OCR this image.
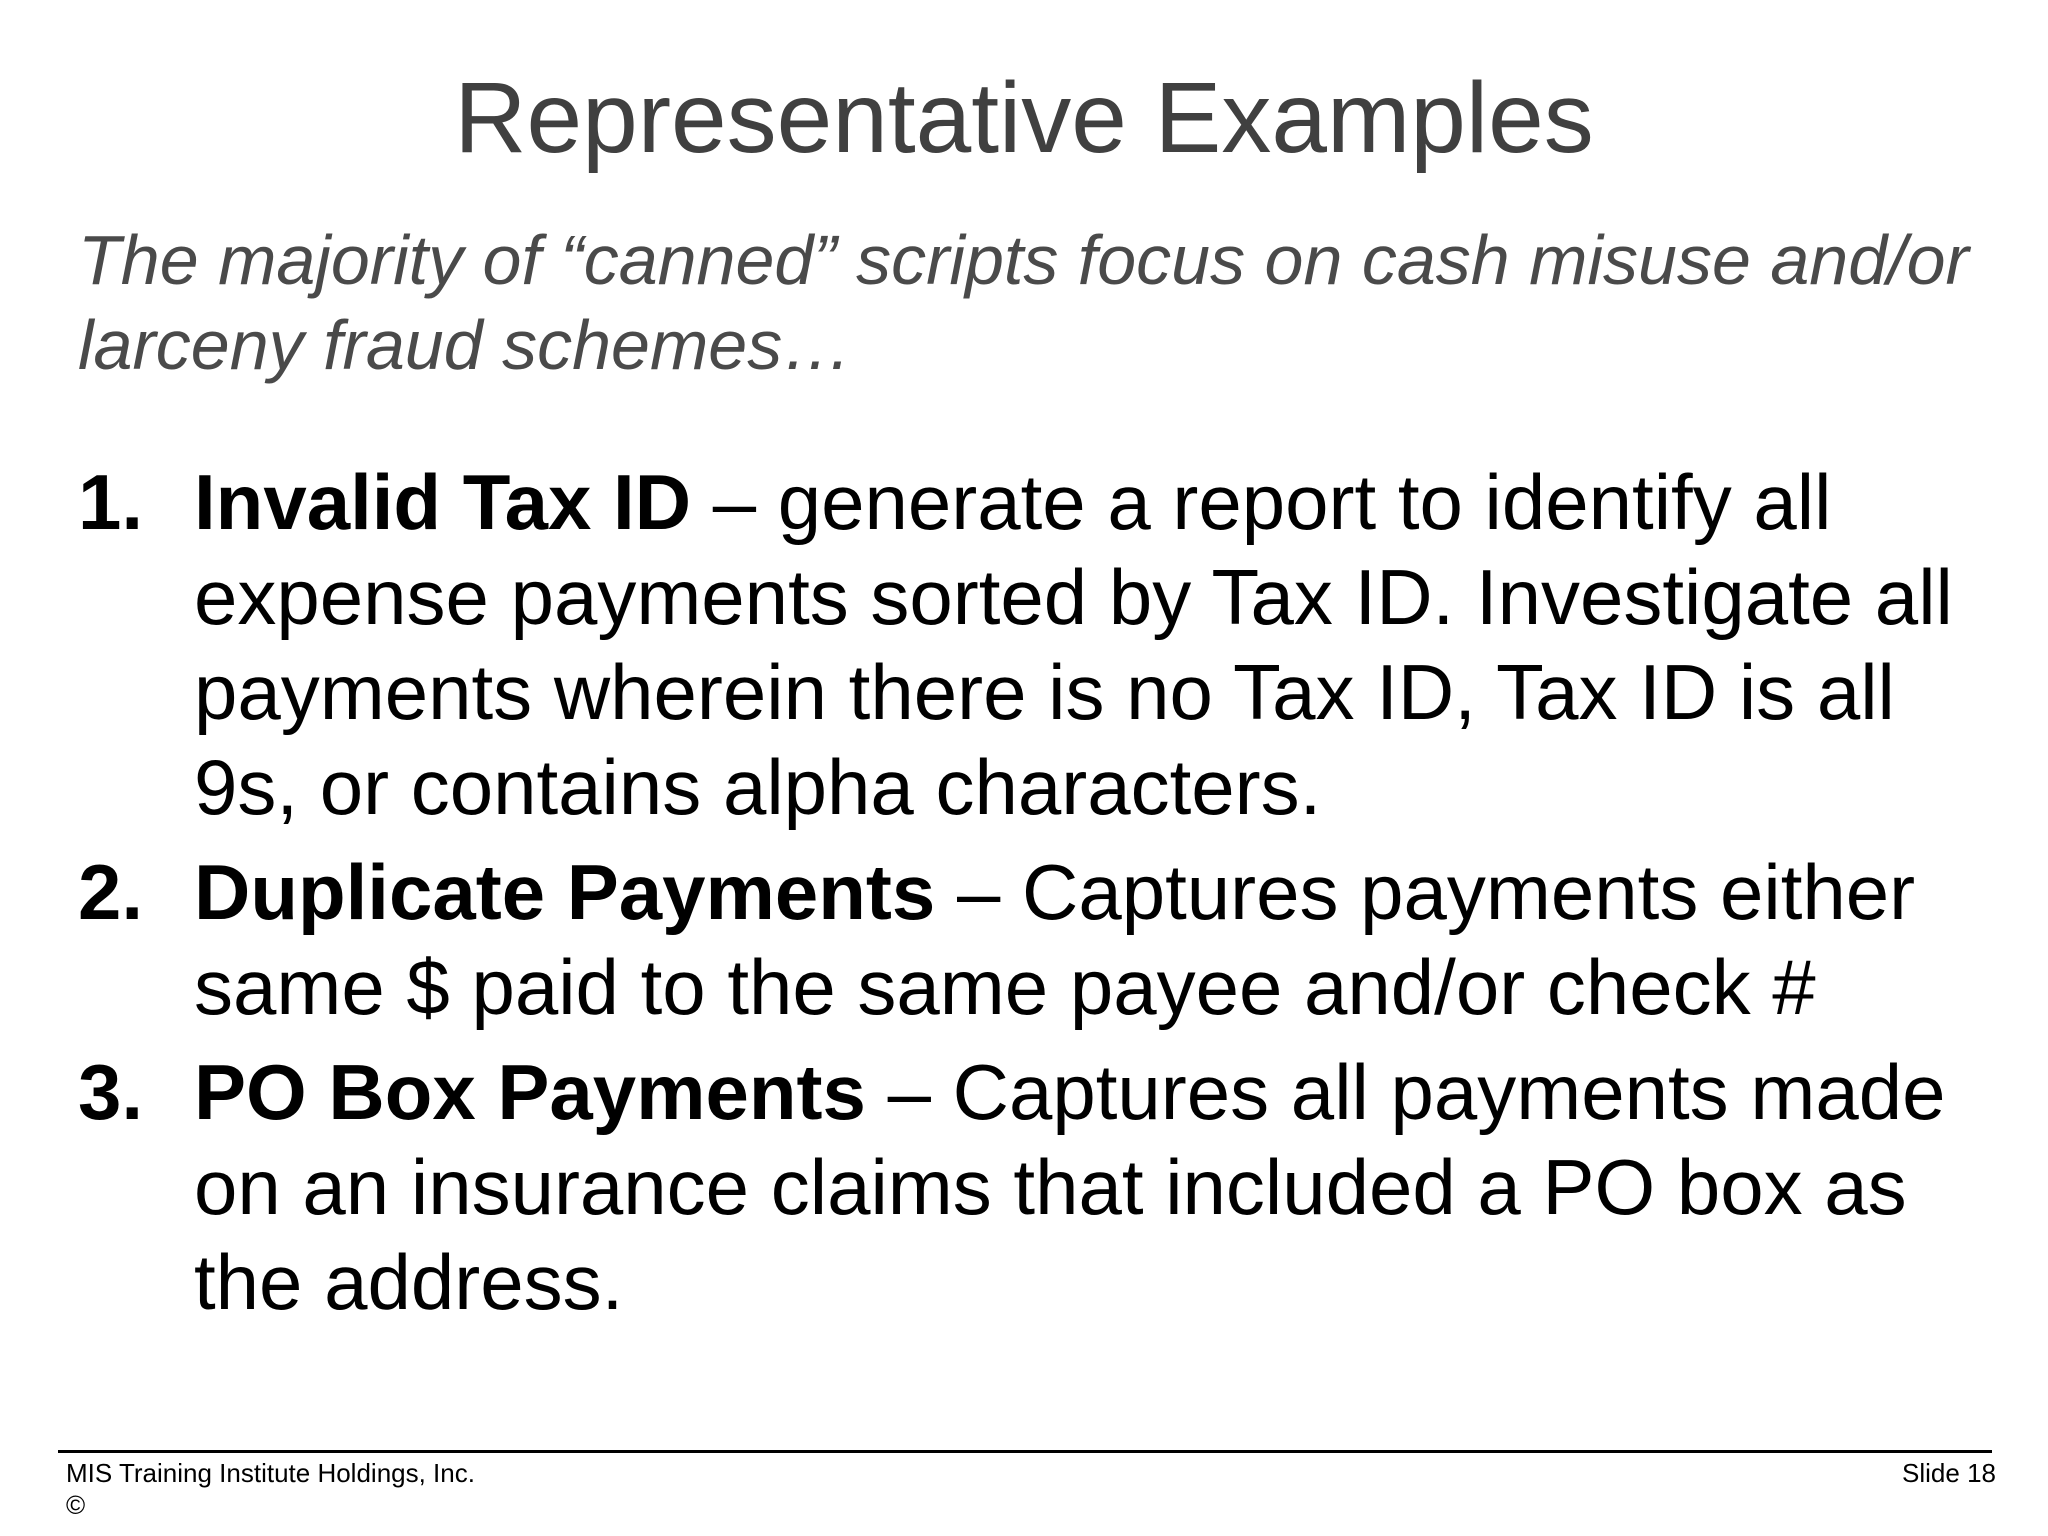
Representative Examples

The majority of “canned” scripts focus on cash misuse and/or larceny fraud schemes…

1. Invalid Tax ID – generate a report to identify all expense payments sorted by Tax ID. Investigate all payments wherein there is no Tax ID, Tax ID is all 9s, or contains alpha characters.
2. Duplicate Payments – Captures payments either same $ paid to the same payee and/or check #
3. PO Box Payments – Captures all payments made on an insurance claims that included a PO box as the address.
MIS Training Institute Holdings, Inc.
©
Slide 18
